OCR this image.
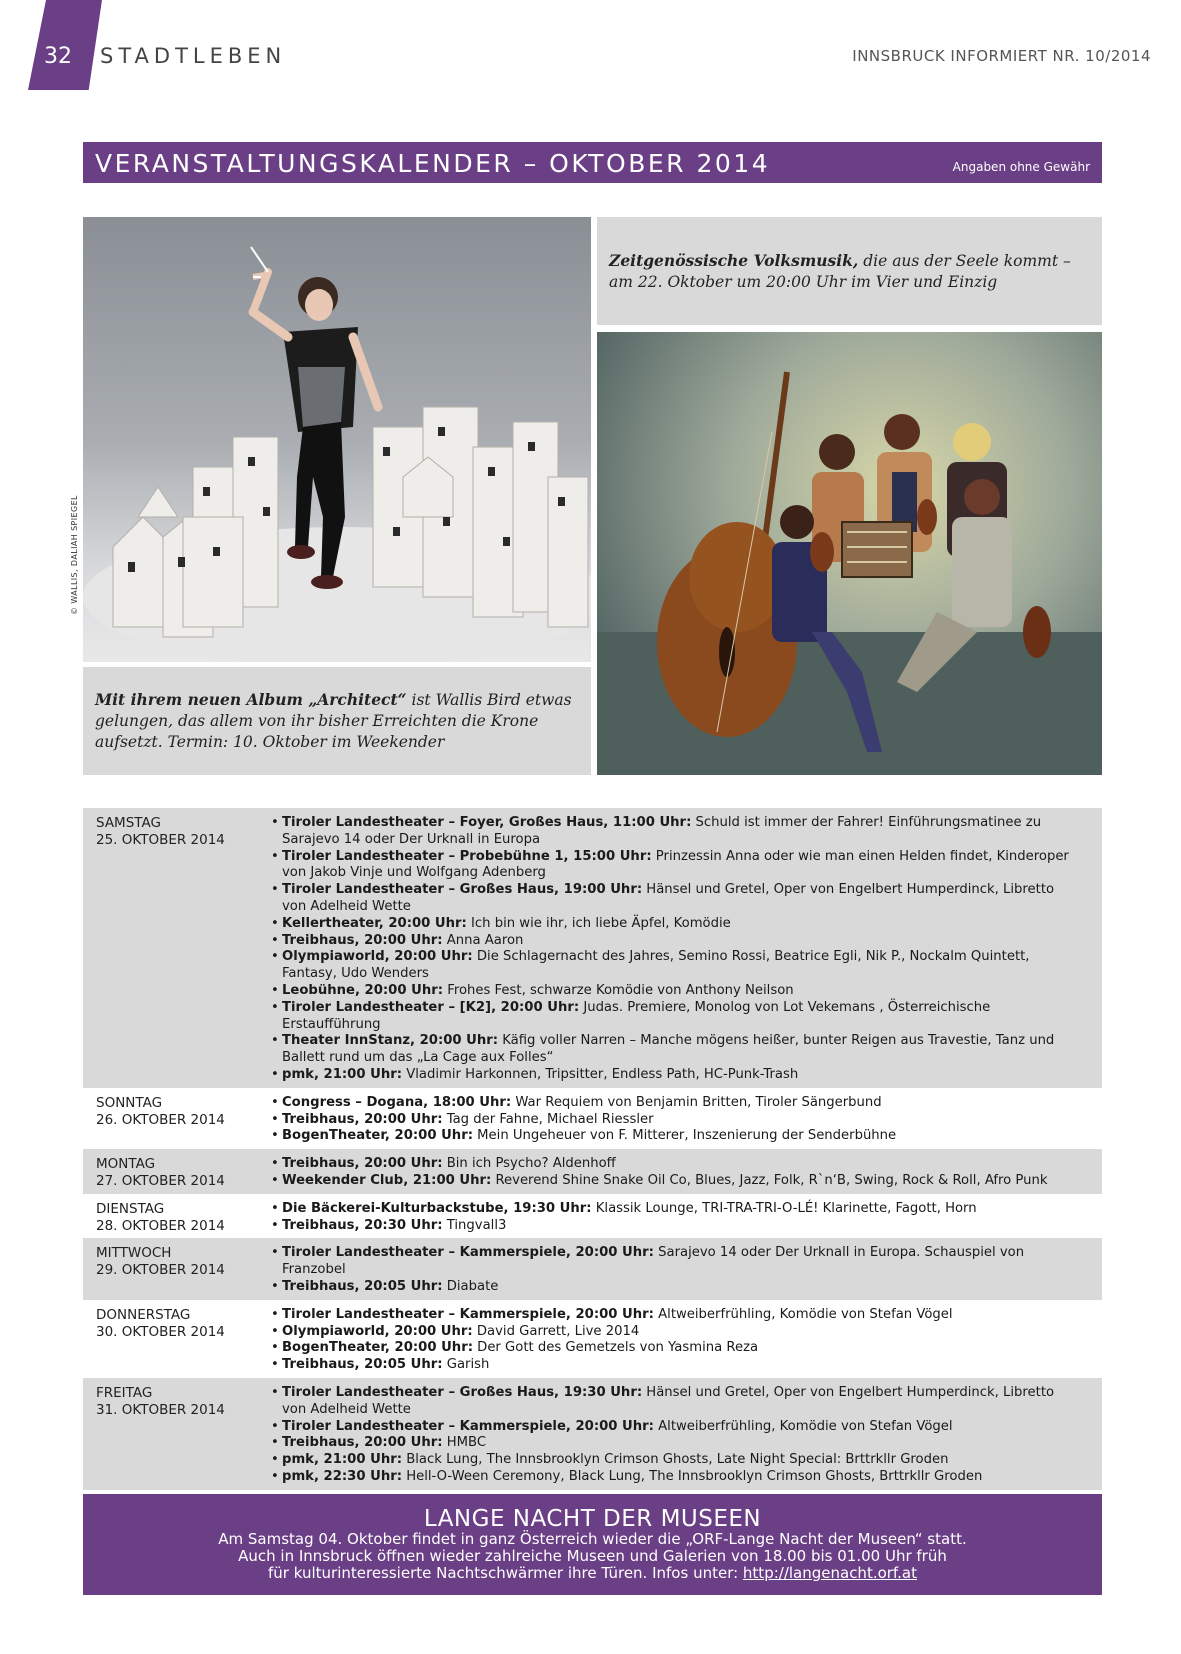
32 STADTLEBEN	INNSBRUCK INFORMIERT NR. 10/2014
VERANSTALTUNGSKALENDER – OKTOBER 2014	Angaben ohne Gewähr
© WALLIS, DALIAH SPIEGEL
Mit ihrem neuen Album „Architect“ ist Wallis Bird etwas gelungen, das allem von ihr bisher Erreichten die Krone aufsetzt. Termin: 10. Oktober im Weekender
Zeitgenössische Volksmusik, die aus der Seele kommt – am 22. Oktober um 20:00 Uhr im Vier und Einzig
SAMSTAG
25. OKTOBER 2014
• Tiroler Landestheater – Foyer, Großes Haus, 11:00 Uhr: Schuld ist immer der Fahrer! Einführungsmatinee zu Sarajevo 14 oder Der Urknall in Europa
• Tiroler Landestheater – Probebühne 1, 15:00 Uhr: Prinzessin Anna oder wie man einen Helden findet, Kinderoper von Jakob Vinje und Wolfgang Adenberg
• Tiroler Landestheater – Großes Haus, 19:00 Uhr: Hänsel und Gretel, Oper von Engelbert Humperdinck, Libretto von Adelheid Wette
• Kellertheater, 20:00 Uhr: Ich bin wie ihr, ich liebe Äpfel, Komödie
• Treibhaus, 20:00 Uhr: Anna Aaron
• Olympiaworld, 20:00 Uhr: Die Schlagernacht des Jahres, Semino Rossi, Beatrice Egli, Nik P., Nockalm Quintett, Fantasy, Udo Wenders
• Leobühne, 20:00 Uhr: Frohes Fest, schwarze Komödie von Anthony Neilson
• Tiroler Landestheater – [K2], 20:00 Uhr: Judas. Premiere, Monolog von Lot Vekemans , Österreichische Erstaufführung
• Theater InnStanz, 20:00 Uhr: Käfig voller Narren – Manche mögens heißer, bunter Reigen aus Travestie, Tanz und Ballett rund um das „La Cage aux Folles“
• pmk, 21:00 Uhr: Vladimir Harkonnen, Tripsitter, Endless Path, HC-Punk-Trash
SONNTAG
26. OKTOBER 2014
• Congress – Dogana, 18:00 Uhr: War Requiem von Benjamin Britten, Tiroler Sängerbund
• Treibhaus, 20:00 Uhr: Tag der Fahne, Michael Riessler
• BogenTheater, 20:00 Uhr: Mein Ungeheuer von F. Mitterer, Inszenierung der Senderbühne
MONTAG
27. OKTOBER 2014
• Treibhaus, 20:00 Uhr: Bin ich Psycho? Aldenhoff
• Weekender Club, 21:00 Uhr: Reverend Shine Snake Oil Co, Blues, Jazz, Folk, R`n‘B, Swing, Rock & Roll, Afro Punk
DIENSTAG
28. OKTOBER 2014
• Die Bäckerei-Kulturbackstube, 19:30 Uhr: Klassik Lounge, TRI-TRA-TRI-O-LÉ! Klarinette, Fagott, Horn
• Treibhaus, 20:30 Uhr: Tingvall3
MITTWOCH
29. OKTOBER 2014
• Tiroler Landestheater – Kammerspiele, 20:00 Uhr: Sarajevo 14 oder Der Urknall in Europa. Schauspiel von Franzobel
• Treibhaus, 20:05 Uhr: Diabate
DONNERSTAG
30. OKTOBER 2014
• Tiroler Landestheater – Kammerspiele, 20:00 Uhr: Altweiberfrühling, Komödie von Stefan Vögel
• Olympiaworld, 20:00 Uhr: David Garrett, Live 2014
• BogenTheater, 20:00 Uhr: Der Gott des Gemetzels von Yasmina Reza
• Treibhaus, 20:05 Uhr: Garish
FREITAG
31. OKTOBER 2014
• Tiroler Landestheater – Großes Haus, 19:30 Uhr: Hänsel und Gretel, Oper von Engelbert Humperdinck, Libretto von Adelheid Wette
• Tiroler Landestheater – Kammerspiele, 20:00 Uhr: Altweiberfrühling, Komödie von Stefan Vögel
• Treibhaus, 20:00 Uhr: HMBC
• pmk, 21:00 Uhr: Black Lung, The Innsbrooklyn Crimson Ghosts, Late Night Special: Brttrkllr Groden
• pmk, 22:30 Uhr: Hell-O-Ween Ceremony, Black Lung, The Innsbrooklyn Crimson Ghosts, Brttrkllr Groden
LANGE NACHT DER MUSEEN
Am Samstag 04. Oktober findet in ganz Österreich wieder die „ORF-Lange Nacht der Museen“ statt.
Auch in Innsbruck öffnen wieder zahlreiche Museen und Galerien von 18.00 bis 01.00 Uhr früh
für kulturinteressierte Nachtschwärmer ihre Türen. Infos unter: http://langenacht.orf.at
